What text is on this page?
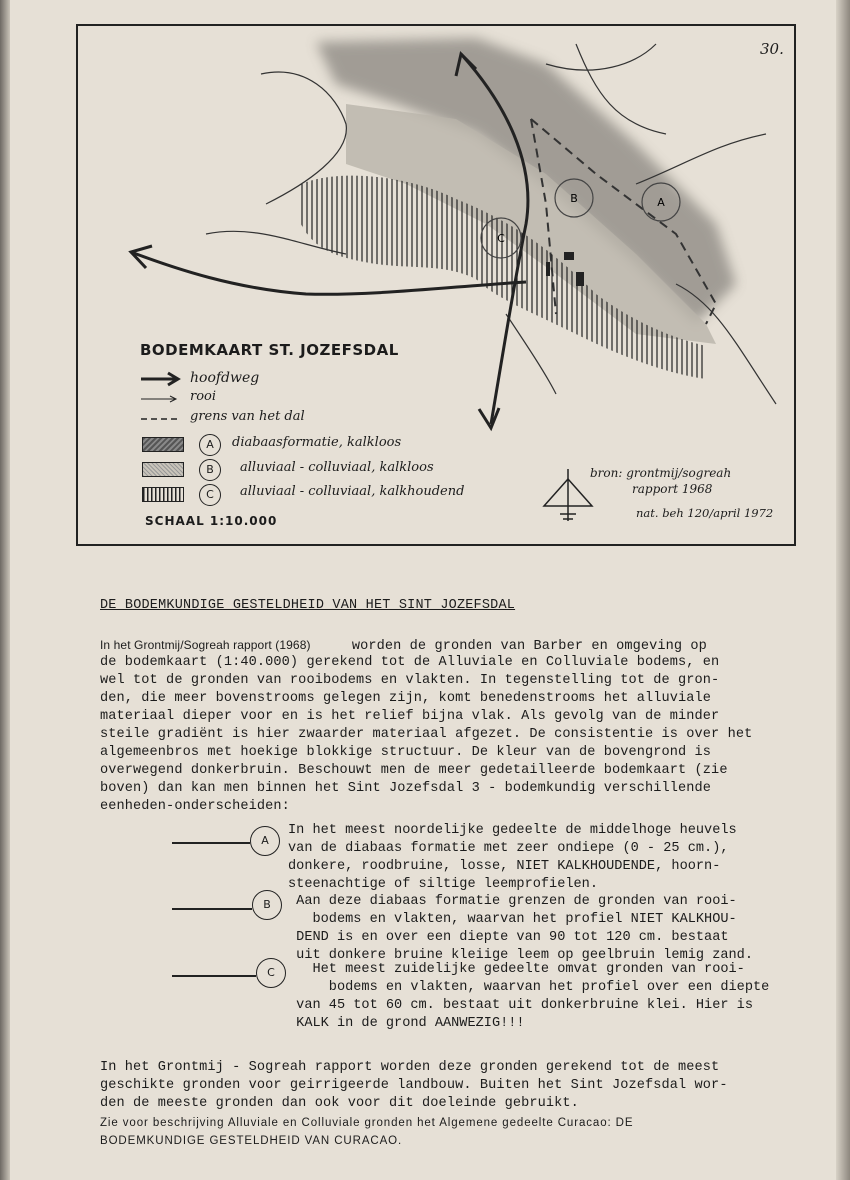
30.
B	A
C
BODEMKAART ST. JOZEFSDAL
hoofdweg
rooi
grens van het dal
A	diabaasformatie, kalkloos
B	alluviaal - colluviaal, kalkloos
C	alluviaal - colluviaal, kalkhoudend
SCHAAL 1:10.000
bron: grontmij/sogreah
rapport 1968
nat. beh 120/april 1972
DE BODEMKUNDIGE GESTELDHEID VAN HET SINT JOZEFSDAL
In het Grontmij/Sogreah rapport (1968)     worden de gronden van Barber en omgeving op
de bodemkaart (1:40.000) gerekend tot de Alluviale en Colluviale bodems, en
wel tot de gronden van rooibodems en vlakten. In tegenstelling tot de gron-
den, die meer bovenstrooms gelegen zijn, komt benedenstrooms het alluviale
materiaal dieper voor en is het relief bijna vlak. Als gevolg van de minder
steile gradiënt is hier zwaarder materiaal afgezet. De consistentie is over het
algemeenbros met hoekige blokkige structuur. De kleur van de bovengrond is
overwegend donkerbruin. Beschouwt men de meer gedetailleerde bodemkaart (zie
boven) dan kan men binnen het Sint Jozefsdal 3 - bodemkundig verschillende
eenheden-onderscheiden:
A
In het meest noordelijke gedeelte de middelhoge heuvels
van de diabaas formatie met zeer ondiepe (0 - 25 cm.),
donkere, roodbruine, losse, NIET KALKHOUDENDE, hoorn-
steenachtige of siltige leemprofielen.
B	Aan deze diabaas formatie grenzen de gronden van rooi-
bodems en vlakten, waarvan het profiel NIET KALKHOU-
DEND is en over een diepte van 90 tot 120 cm. bestaat
uit donkere bruine kleiige leem op geelbruin lemig zand.
C Het meest zuidelijke gedeelte omvat gronden van rooi-
bodems en vlakten, waarvan het profiel over een diepte
van 45 tot 60 cm. bestaat uit donkerbruine klei. Hier is
KALK in de grond AANWEZIG!!!
In het Grontmij - Sogreah rapport worden deze gronden gerekend tot de meest
geschikte gronden voor geirrigeerde landbouw. Buiten het Sint Jozefsdal wor-
den de meeste gronden dan ook voor dit doeleinde gebruikt.
Zie voor beschrijving Alluviale en Colluviale gronden het Algemene gedeelte Curacao: DE
BODEMKUNDIGE GESTELDHEID VAN CURACAO.
